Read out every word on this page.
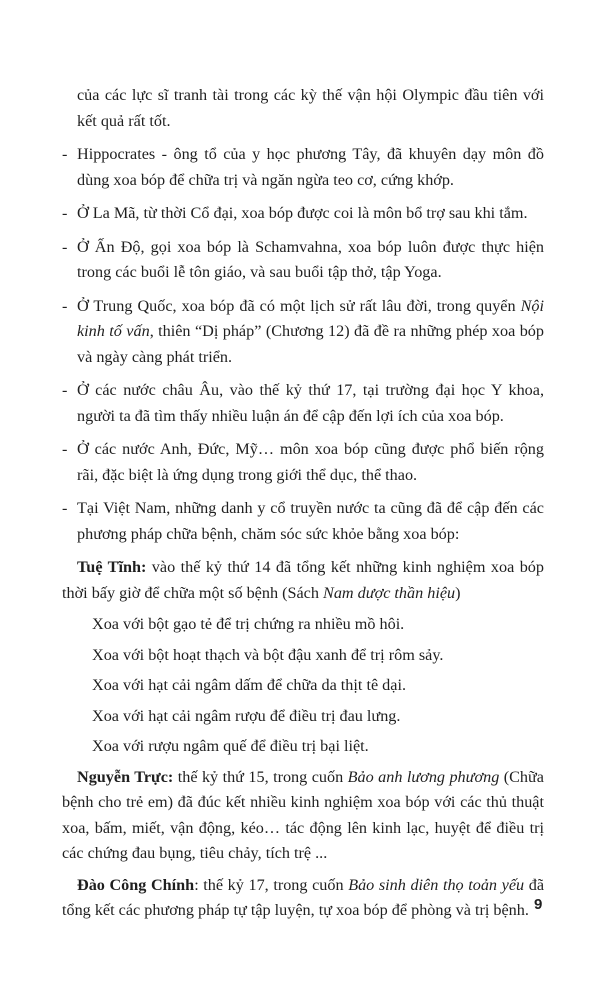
của các lực sĩ tranh tài trong các kỳ thế vận hội Olympic đầu tiên với kết quả rất tốt.

- Hippocrates - ông tổ của y học phương Tây, đã khuyên dạy môn đồ dùng xoa bóp để chữa trị và ngăn ngừa teo cơ, cứng khớp.

- Ở La Mã, từ thời Cổ đại, xoa bóp được coi là môn bổ trợ sau khi tắm.

- Ở Ấn Độ, gọi xoa bóp là Schamvahna, xoa bóp luôn được thực hiện trong các buổi lễ tôn giáo, và sau buổi tập thở, tập Yoga.

- Ở Trung Quốc, xoa bóp đã có một lịch sử rất lâu đời, trong quyển Nội kinh tố vấn, thiên “Dị pháp” (Chương 12) đã đề ra những phép xoa bóp và ngày càng phát triển.

- Ở các nước châu Âu, vào thế kỷ thứ 17, tại trường đại học Y khoa, người ta đã tìm thấy nhiều luận án để cập đến lợi ích của xoa bóp.

- Ở các nước Anh, Đức, Mỹ… môn xoa bóp cũng được phổ biến rộng rãi, đặc biệt là ứng dụng trong giới thể dục, thể thao.

- Tại Việt Nam, những danh y cổ truyền nước ta cũng đã để cập đến các phương pháp chữa bệnh, chăm sóc sức khỏe bằng xoa bóp:

Tuệ Tĩnh: vào thế kỷ thứ 14 đã tổng kết những kinh nghiệm xoa bóp thời bấy giờ để chữa một số bệnh (Sách Nam dược thần hiệu)

Xoa với bột gạo tẻ để trị chứng ra nhiều mồ hôi.

Xoa với bột hoạt thạch và bột đậu xanh để trị rôm sảy.

Xoa với hạt cải ngâm dấm để chữa da thịt tê dại.

Xoa với hạt cải ngâm rượu để điều trị đau lưng.

Xoa với rượu ngâm quế để điều trị bại liệt.

Nguyễn Trực: thế kỷ thứ 15, trong cuốn Bảo anh lương phương (Chữa bệnh cho trẻ em) đã đúc kết nhiều kinh nghiệm xoa bóp với các thủ thuật xoa, bấm, miết, vận động, kéo… tác động lên kinh lạc, huyệt để điều trị các chứng đau bụng, tiêu chảy, tích trệ ...

Đào Công Chính: thế kỷ 17, trong cuốn Bảo sinh diên thọ toản yếu đã tổng kết các phương pháp tự tập luyện, tự xoa bóp để phòng và trị bệnh. 9
